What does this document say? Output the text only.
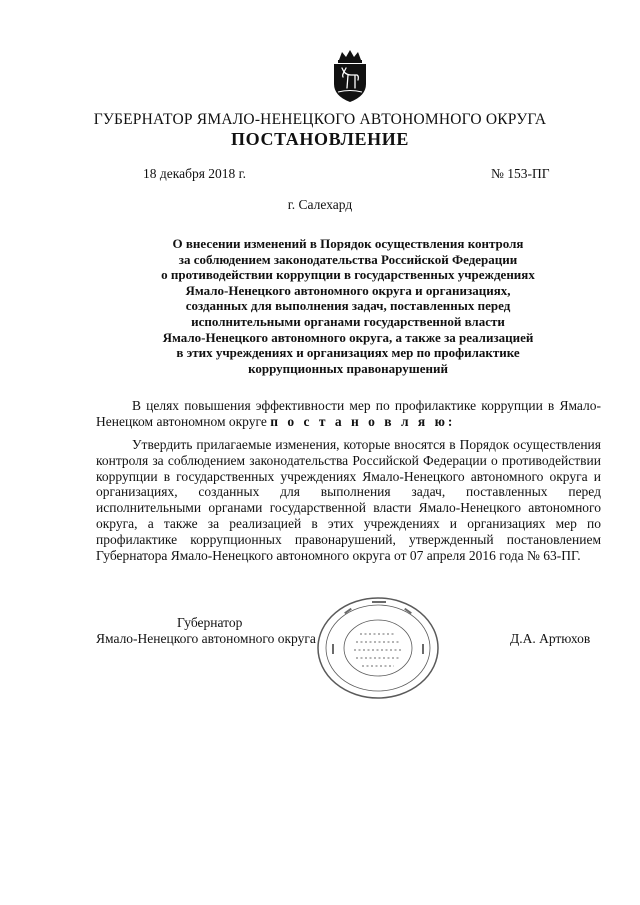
ГУБЕРНАТОР ЯМАЛО-НЕНЕЦКОГО АВТОНОМНОГО ОКРУГА
ПОСТАНОВЛЕНИЕ
18 декабря 2018 г.	№ 153-ПГ
г. Салехард

О внесении изменений в Порядок осуществления контроля
за соблюдением законодательства Российской Федерации
о противодействии коррупции в государственных учреждениях
Ямало-Ненецкого автономного округа и организациях,
созданных для выполнения задач, поставленных перед
исполнительными органами государственной власти
Ямало-Ненецкого автономного округа, а также за реализацией
в этих учреждениях и организациях мер по профилактике
коррупционных правонарушений

В целях повышения эффективности мер по профилактике коррупции в Ямало-Ненецком автономном округе п о с т а н о в л я ю:

Утвердить прилагаемые изменения, которые вносятся в Порядок осуществления контроля за соблюдением законодательства Российской Федерации о противодействии коррупции в государственных учреждениях Ямало-Ненецкого автономного округа и организациях, созданных для выполнения задач, поставленных перед исполнительными органами государственной власти Ямало-Ненецкого автономного округа, а также за реализацией в этих учреждениях и организациях мер по профилактике коррупционных правонарушений, утвержденный постановлением Губернатора Ямало-Ненецкого автономного округа от 07 апреля 2016 года № 63-ПГ.

Губернатор
Ямало-Ненецкого автономного округа	Д.А. Артюхов
